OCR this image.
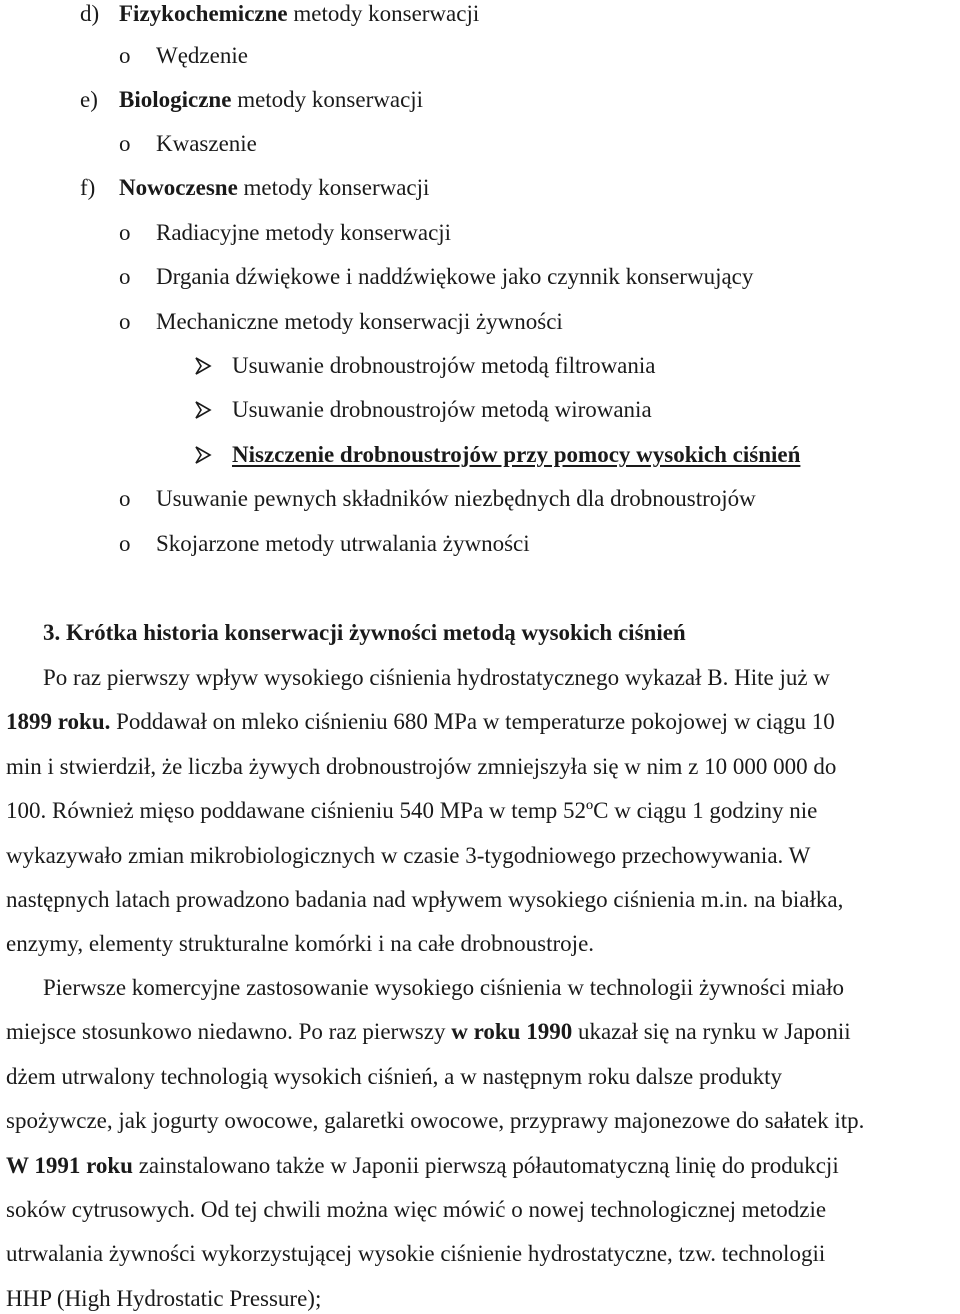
d) Fizykochemiczne metody konserwacji
o Wędzenie
e) Biologiczne metody konserwacji
o Kwaszenie
f) Nowoczesne metody konserwacji
o Radiacyjne metody konserwacji
o Drgania dźwiękowe i naddźwiękowe jako czynnik konserwujący
o Mechaniczne metody konserwacji żywności
Usuwanie drobnoustrojów metodą filtrowania
Usuwanie drobnoustrojów metodą wirowania
Niszczenie drobnoustrojów przy pomocy wysokich ciśnień
o Usuwanie pewnych składników niezbędnych dla drobnoustrojów
o Skojarzone metody utrwalania żywności
3. Krótka historia konserwacji żywności metodą wysokich ciśnień
Po raz pierwszy wpływ wysokiego ciśnienia hydrostatycznego wykazał B. Hite już w
1899 roku. Poddawał on mleko ciśnieniu 680 MPa w temperaturze pokojowej w ciągu 10
min i stwierdził, że liczba żywych drobnoustrojów zmniejszyła się w nim z 10 000 000 do
100. Również mięso poddawane ciśnieniu 540 MPa w temp 52ºC w ciągu 1 godziny nie
wykazywało zmian mikrobiologicznych w czasie 3-tygodniowego przechowywania. W
następnych latach prowadzono badania nad wpływem wysokiego ciśnienia m.in. na białka,
enzymy, elementy strukturalne komórki i na całe drobnoustroje.
Pierwsze komercyjne zastosowanie wysokiego ciśnienia w technologii żywności miało
miejsce stosunkowo niedawno. Po raz pierwszy w roku 1990 ukazał się na rynku w Japonii
dżem utrwalony technologią wysokich ciśnień, a w następnym roku dalsze produkty
spożywcze, jak jogurty owocowe, galaretki owocowe, przyprawy majonezowe do sałatek itp.
W 1991 roku zainstalowano także w Japonii pierwszą półautomatyczną linię do produkcji
soków cytrusowych. Od tej chwili można więc mówić o nowej technologicznej metodzie
utrwalania żywności wykorzystującej wysokie ciśnienie hydrostatyczne, tzw. technologii
HHP (High Hydrostatic Pressure);
